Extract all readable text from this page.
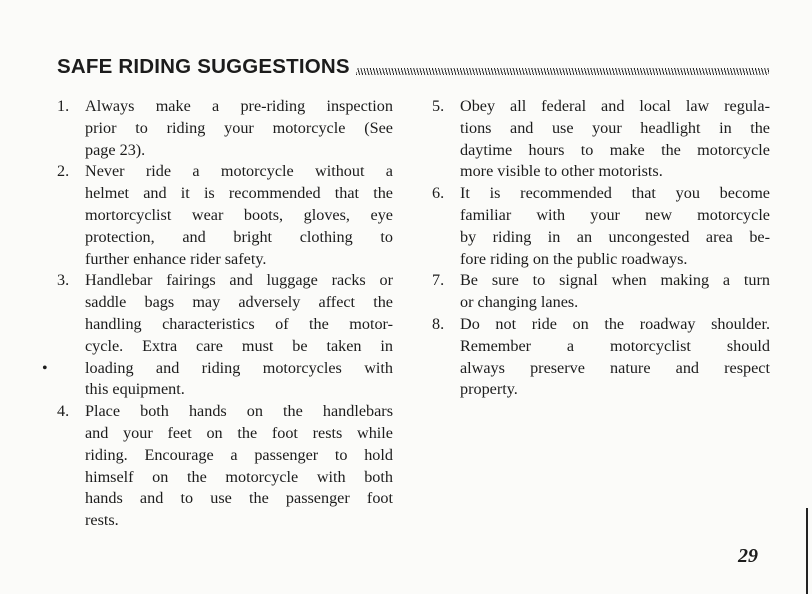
SAFE RIDING SUGGESTIONS
1. Always make a pre-riding inspection
prior to riding your motorcycle (See
page 23).
2. Never ride a motorcycle without a
helmet and it is recommended that the
mortorcyclist wear boots, gloves, eye
protection, and bright clothing to
further enhance rider safety.
3. Handlebar fairings and luggage racks or
saddle bags may adversely affect the
handling characteristics of the motor-
cycle. Extra care must be taken in
loading and riding motorcycles with
this equipment.
4. Place both hands on the handlebars
and your feet on the foot rests while
riding. Encourage a passenger to hold
himself on the motorcycle with both
hands and to use the passenger foot
rests.
5. Obey all federal and local law regula-
tions and use your headlight in the
daytime hours to make the motorcycle
more visible to other motorists.
6. It is recommended that you become
familiar with your new motorcycle
by riding in an uncongested area be-
fore riding on the public roadways.
7. Be sure to signal when making a turn
or changing lanes.
8. Do not ride on the roadway shoulder.
Remember a motorcyclist should
always preserve nature and respect
property.
•
29
